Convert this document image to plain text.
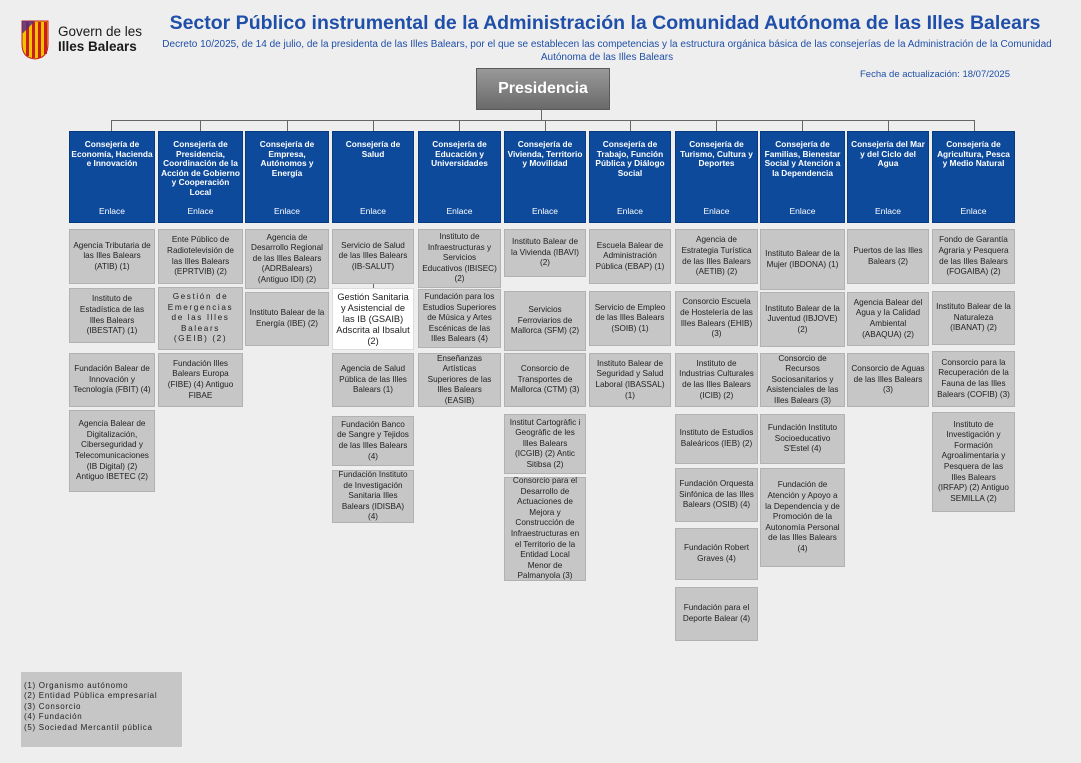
Govern de les
Illes Balears
Sector Público instrumental de la Administración la Comunidad Autónoma de las Illes Balears
Decreto 10/2025, de 14 de julio, de la presidenta de las Illes Balears, por el que se establecen las competencias y la estructura orgánica básica de las consejerías de la Administración de la Comunidad Autónoma de las Illes Balears
Fecha de actualización: 18/07/2025
Presidencia
Consejería de Economía, Hacienda e Innovación
Enlace
Agencia Tributaria de las Illes Balears (ATIB) (1)
Instituto de Estadística de las Illes Balears (IBESTAT) (1)
Fundación Balear de Innovación y Tecnología (FBIT) (4)
Agencia Balear de Digitalización, Ciberseguridad y Telecomunicaciones (IB Digital) (2) Antiguo IBETEC (2)
Consejería de Presidencia, Coordinación de la Acción de Gobierno y Cooperación Local
Enlace
Ente Público de Radiotelevisión de las Illes Balears (EPRTVIB) (2)
Gestión de Emergencias de las Illes Balears (GEIB) (2)
Fundación Illes Balears Europa (FIBE) (4) Antiguo FIBAE
Consejería de Empresa, Autónomos y Energía
Enlace
Agencia de Desarrollo Regional de las Illes Balears (ADRBalears) (Antiguo IDI) (2)
Instituto Balear de la Energía (IBE) (2)
Consejería de Salud
Enlace
Servicio de Salud de las Illes Balears (IB-SALUT)
Gestión Sanitaria y Asistencial de las IB (GSAIB) Adscrita al Ibsalut (2)
Agencia de Salud Pública de las Illes Balears (1)
Fundación Banco de Sangre y Tejidos de las Illes Balears (4)
Fundación Instituto de Investigación Sanitaria Illes Balears (IDISBA) (4)
Consejería de Educación y Universidades
Enlace
Instituto de Infraestructuras y Servicios Educativos (IBISEC) (2)
Fundación para los Estudios Superiores de Música y Artes Escénicas de las Illes Balears (4)
Enseñanzas Artísticas Superiores de las Illes Balears (EASIB)
Consejería de Vivienda, Territorio y Movilidad
Enlace
Instituto Balear de la Vivienda (IBAVI) (2)
Servicios Ferroviarios de Mallorca (SFM) (2)
Consorcio de Transportes de Mallorca (CTM) (3)
Institut Cartogràfic i Geogràfic de les Illes Balears (ICGIB) (2) Antic Sitibsa (2)
Consorcio para el Desarrollo de Actuaciones de Mejora y Construcción de Infraestructuras en el Territorio de la Entidad Local Menor de Palmanyola (3)
Consejería de Trabajo, Función Pública y Diálogo Social
Enlace
Escuela Balear de Administración Pública (EBAP) (1)
Servicio de Empleo de las Illes Balears (SOIB) (1)
Instituto Balear de Seguridad y Salud Laboral (IBASSAL) (1)
Consejería de Turismo, Cultura y Deportes
Enlace
Agencia de Estrategia Turística de las Illes Balears (AETIB) (2)
Consorcio Escuela de Hostelería de las Illes Balears (EHIB) (3)
Instituto de Industrias Culturales de las Illes Balears (ICIB) (2)
Instituto de Estudios Baleáricos (IEB) (2)
Fundación Orquesta Sinfónica de las Illes Balears (OSIB) (4)
Fundación Robert Graves (4)
Fundación para el Deporte Balear (4)
Consejería de Familias, Bienestar Social y Atención a la Dependencia
Enlace
Instituto Balear de la Mujer (IBDONA) (1)
Instituto Balear de la Juventud (IBJOVE) (2)
Consorcio de Recursos Sociosanitarios y Asistenciales de las Illes Balears (3)
Fundación Instituto Socioeducativo S'Estel (4)
Fundación de Atención y Apoyo a la Dependencia y de Promoción de la Autonomía Personal de las Illes Balears (4)
Consejería del Mar y del Ciclo del Agua
Enlace
Puertos de las Illes Balears (2)
Agencia Balear del Agua y la Calidad Ambiental (ABAQUA) (2)
Consorcio de Aguas de las Illes Balears (3)
Consejería de Agricultura, Pesca y Medio Natural
Enlace
Fondo de Garantía Agraria y Pesquera de las Illes Balears (FOGAIBA) (2)
Instituto Balear de la Naturaleza (IBANAT) (2)
Consorcio para la Recuperación de la Fauna de las Illes Balears (COFIB) (3)
Instituto de Investigación y Formación Agroalimentaria y Pesquera de las Illes Balears (IRFAP) (2) Antiguo SEMILLA (2)
(1) Organismo autónomo
(2) Entidad Pública empresarial
(3) Consorcio
(4) Fundación
(5) Sociedad Mercantil pública
